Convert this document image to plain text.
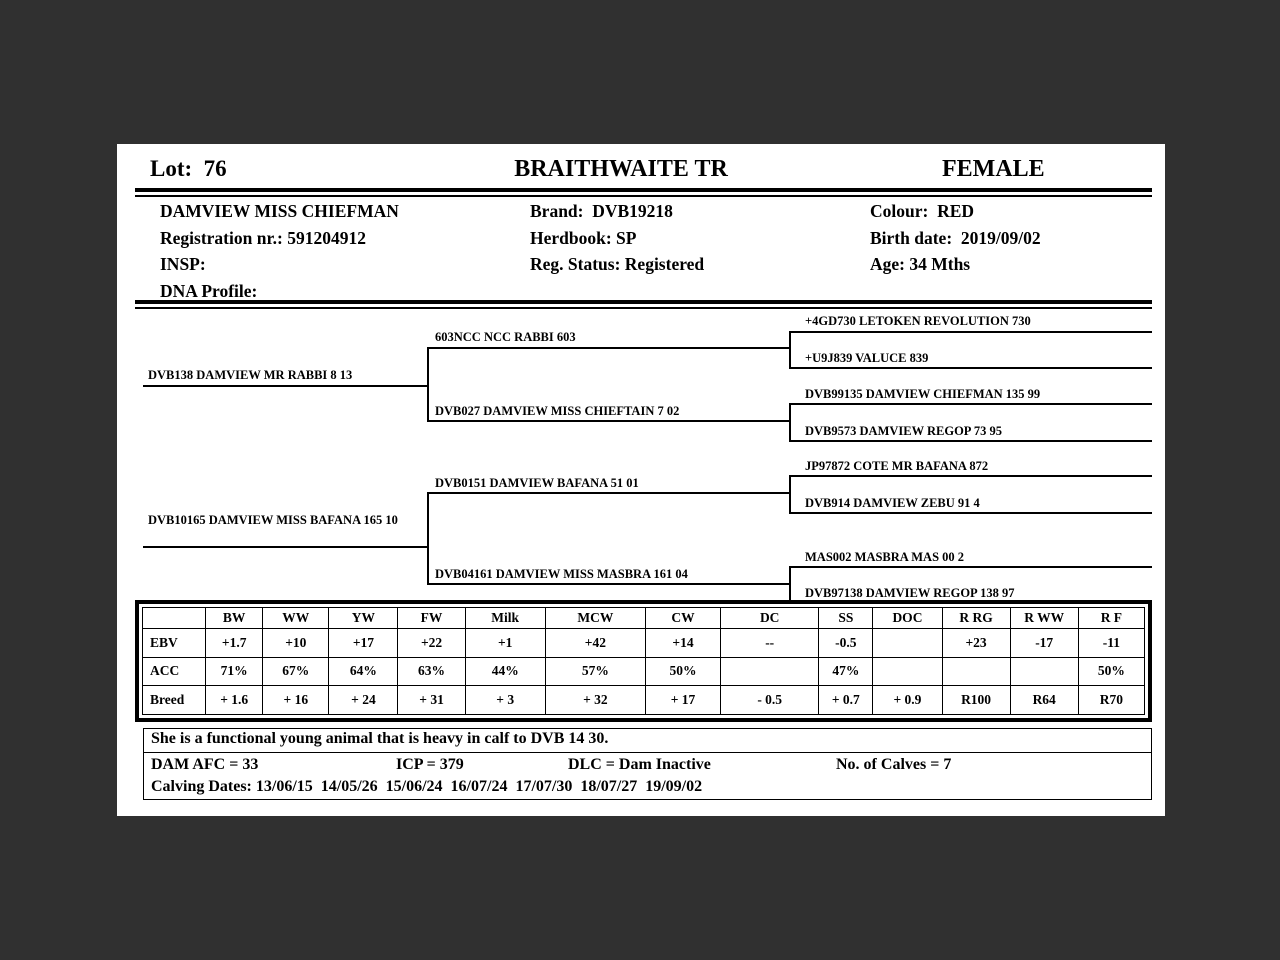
Lot:  76	BRAITHWAITE TR	FEMALE
DAMVIEW MISS CHIEFMAN
Registration nr.: 591204912
INSP:
DNA Profile:
Brand:  DVB19218
Herdbook: SP
Reg. Status: Registered
Colour:  RED
Birth date:  2019/09/02
Age: 34 Mths
DVB138 DAMVIEW MR RABBI 8 13
DVB10165 DAMVIEW MISS BAFANA 165 10
603NCC NCC RABBI 603
DVB027 DAMVIEW MISS CHIEFTAIN 7 02
DVB0151 DAMVIEW BAFANA 51 01
DVB04161 DAMVIEW MISS MASBRA 161 04
+4GD730 LETOKEN REVOLUTION 730
+U9J839 VALUCE 839
DVB99135 DAMVIEW CHIEFMAN 135 99
DVB9573 DAMVIEW REGOP 73 95
JP97872 COTE MR BAFANA 872
DVB914 DAMVIEW ZEBU 91 4
MAS002 MASBRA MAS 00 2
DVB97138 DAMVIEW REGOP 138 97
	BW	WW	YW	FW	Milk	MCW	CW	DC	SS	DOC	R RG	R WW	R F
EBV	+1.7	+10	+17	+22	+1	+42	+14	--	-0.5		+23	-17	-11
ACC	71%	67%	64%	63%	44%	57%	50%		47%				50%
Breed	+ 1.6	+ 16	+ 24	+ 31	+ 3	+ 32	+ 17	- 0.5	+ 0.7	+ 0.9	R100	R64	R70
She is a functional young animal that is heavy in calf to DVB 14 30.
DAM AFC = 33	ICP = 379	DLC = Dam Inactive	No. of Calves = 7
Calving Dates: 13/06/15  14/05/26  15/06/24  16/07/24  17/07/30  18/07/27  19/09/02
